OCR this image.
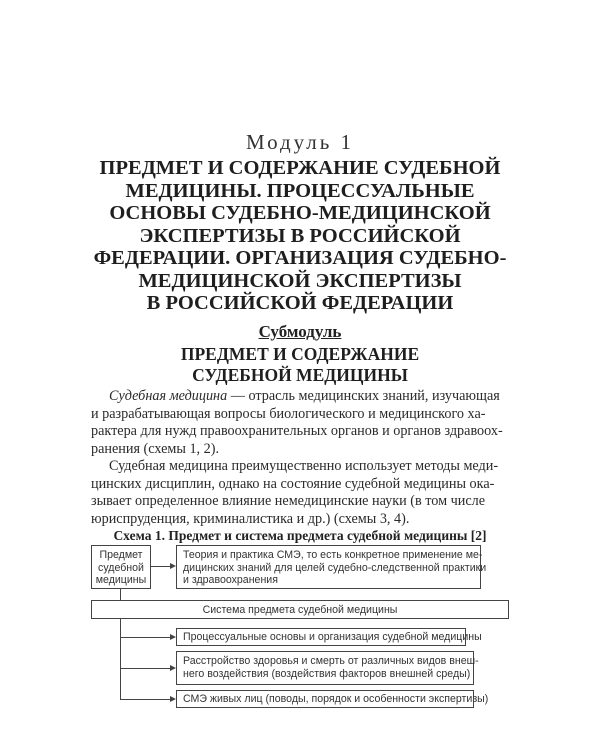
Модуль 1
ПРЕДМЕТ И СОДЕРЖАНИЕ СУДЕБНОЙ
МЕДИЦИНЫ. ПРОЦЕССУАЛЬНЫЕ
ОСНОВЫ СУДЕБНО-МЕДИЦИНСКОЙ
ЭКСПЕРТИЗЫ В РОССИЙСКОЙ
ФЕДЕРАЦИИ. ОРГАНИЗАЦИЯ СУДЕБНО-
МЕДИЦИНСКОЙ ЭКСПЕРТИЗЫ
В РОССИЙСКОЙ ФЕДЕРАЦИИ
Субмодуль
ПРЕДМЕТ И СОДЕРЖАНИЕ
СУДЕБНОЙ МЕДИЦИНЫ
Судебная медицина — отрасль медицинских знаний, изучающая
и разрабатывающая вопросы биологического и медицинского ха-
рактера для нужд правоохранительных органов и органов здравоох-
ранения (схемы 1, 2).
Судебная медицина преимущественно использует методы меди-
цинских дисциплин, однако на состояние судебной медицины ока-
зывает определенное влияние немедицинские науки (в том числе
юриспруденция, криминалистика и др.) (схемы 3, 4).
Схема 1. Предмет и система предмета судебной медицины [2]
Предмет
судебной
медицины
Теория и практика СМЭ, то есть конкретное применение ме-
дицинских знаний для целей судебно-следственной практики
и здравоохранения
Система предмета судебной медицины
Процессуальные основы и организация судебной медицины
Расстройство здоровья и смерть от различных видов внеш-
него воздействия (воздействия факторов внешней среды)
СМЭ живых лиц (поводы, порядок и особенности экспертизы)
